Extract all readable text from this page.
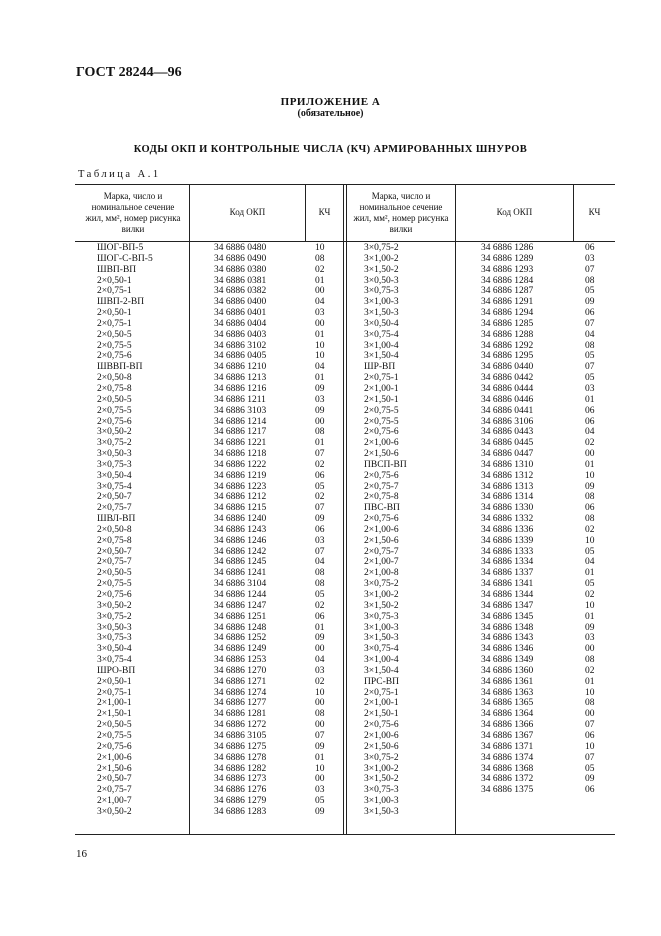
ГОСТ 28244—96
ПРИЛОЖЕНИЕ А
(обязательное)
КОДЫ ОКП И КОНТРОЛЬНЫЕ ЧИСЛА (КЧ) АРМИРОВАННЫХ ШНУРОВ
Таблица А.1
Марка, число и номинальное сечение жил, мм², номер рисунка вилки
Код ОКП	КЧ
Марка, число и номинальное сечение жил, мм², номер рисунка вилки
Код ОКП	КЧ
ШОГ-ВП-5
ШОГ-С-ВП-5
ШВП-ВП
2×0,50-1
2×0,75-1
ШВП-2-ВП
2×0,50-1
2×0,75-1
2×0,50-5
2×0,75-5
2×0,75-6
ШВВП-ВП
2×0,50-8
2×0,75-8
2×0,50-5
2×0,75-5
2×0,75-6
3×0,50-2
3×0,75-2
3×0,50-3
3×0,75-3
3×0,50-4
3×0,75-4
2×0,50-7
2×0,75-7
ШВЛ-ВП
2×0,50-8
2×0,75-8
2×0,50-7
2×0,75-7
2×0,50-5
2×0,75-5
2×0,75-6
3×0,50-2
3×0,75-2
3×0,50-3
3×0,75-3
3×0,50-4
3×0,75-4
ШРО-ВП
2×0,50-1
2×0,75-1
2×1,00-1
2×1,50-1
2×0,50-5
2×0,75-5
2×0,75-6
2×1,00-6
2×1,50-6
2×0,50-7
2×0,75-7
2×1,00-7
3×0,50-2
34 6886 0480
34 6886 0490
34 6886 0380
34 6886 0381
34 6886 0382
34 6886 0400
34 6886 0401
34 6886 0404
34 6886 0403
34 6886 3102
34 6886 0405
34 6886 1210
34 6886 1213
34 6886 1216
34 6886 1211
34 6886 3103
34 6886 1214
34 6886 1217
34 6886 1221
34 6886 1218
34 6886 1222
34 6886 1219
34 6886 1223
34 6886 1212
34 6886 1215
34 6886 1240
34 6886 1243
34 6886 1246
34 6886 1242
34 6886 1245
34 6886 1241
34 6886 3104
34 6886 1244
34 6886 1247
34 6886 1251
34 6886 1248
34 6886 1252
34 6886 1249
34 6886 1253
34 6886 1270
34 6886 1271
34 6886 1274
34 6886 1277
34 6886 1281
34 6886 1272
34 6886 3105
34 6886 1275
34 6886 1278
34 6886 1282
34 6886 1273
34 6886 1276
34 6886 1279
34 6886 1283
10
08
02
01
00
04
03
00
01
10
10
04
01
09
03
09
00
08
01
07
02
06
05
02
07
09
06
03
07
04
08
08
05
02
06
01
09
00
04
03
02
10
00
08
00
07
09
01
10
00
03
05
09
3×0,75-2
3×1,00-2
3×1,50-2
3×0,50-3
3×0,75-3
3×1,00-3
3×1,50-3
3×0,50-4
3×0,75-4
3×1,00-4
3×1,50-4
ШР-ВП
2×0,75-1
2×1,00-1
2×1,50-1
2×0,75-5
2×0,75-5
2×0,75-6
2×1,00-6
2×1,50-6
ПВСП-ВП
2×0,75-6
2×0,75-7
2×0,75-8
ПВС-ВП
2×0,75-6
2×1,00-6
2×1,50-6
2×0,75-7
2×1,00-7
2×1,00-8
3×0,75-2
3×1,00-2
3×1,50-2
3×0,75-3
3×1,00-3
3×1,50-3
3×0,75-4
3×1,00-4
3×1,50-4
ПРС-ВП
2×0,75-1
2×1,00-1
2×1,50-1
2×0,75-6
2×1,00-6
2×1,50-6
3×0,75-2
3×1,00-2
3×1,50-2
3×0,75-3
3×1,00-3
3×1,50-3
34 6886 1286
34 6886 1289
34 6886 1293
34 6886 1284
34 6886 1287
34 6886 1291
34 6886 1294
34 6886 1285
34 6886 1288
34 6886 1292
34 6886 1295
34 6886 0440
34 6886 0442
34 6886 0444
34 6886 0446
34 6886 0441
34 6886 3106
34 6886 0443
34 6886 0445
34 6886 0447
34 6886 1310
34 6886 1312
34 6886 1313
34 6886 1314
34 6886 1330
34 6886 1332
34 6886 1336
34 6886 1339
34 6886 1333
34 6886 1334
34 6886 1337
34 6886 1341
34 6886 1344
34 6886 1347
34 6886 1345
34 6886 1348
34 6886 1343
34 6886 1346
34 6886 1349
34 6886 1360
34 6886 1361
34 6886 1363
34 6886 1365
34 6886 1364
34 6886 1366
34 6886 1367
34 6886 1371
34 6886 1374
34 6886 1368
34 6886 1372
34 6886 1375
06
03
07
08
05
09
06
07
04
08
05
07
05
03
01
06
06
04
02
00
01
10
09
08
06
08
02
10
05
04
01
05
02
10
01
09
03
00
08
02
01
10
08
00
07
06
10
07
05
09
06
16
